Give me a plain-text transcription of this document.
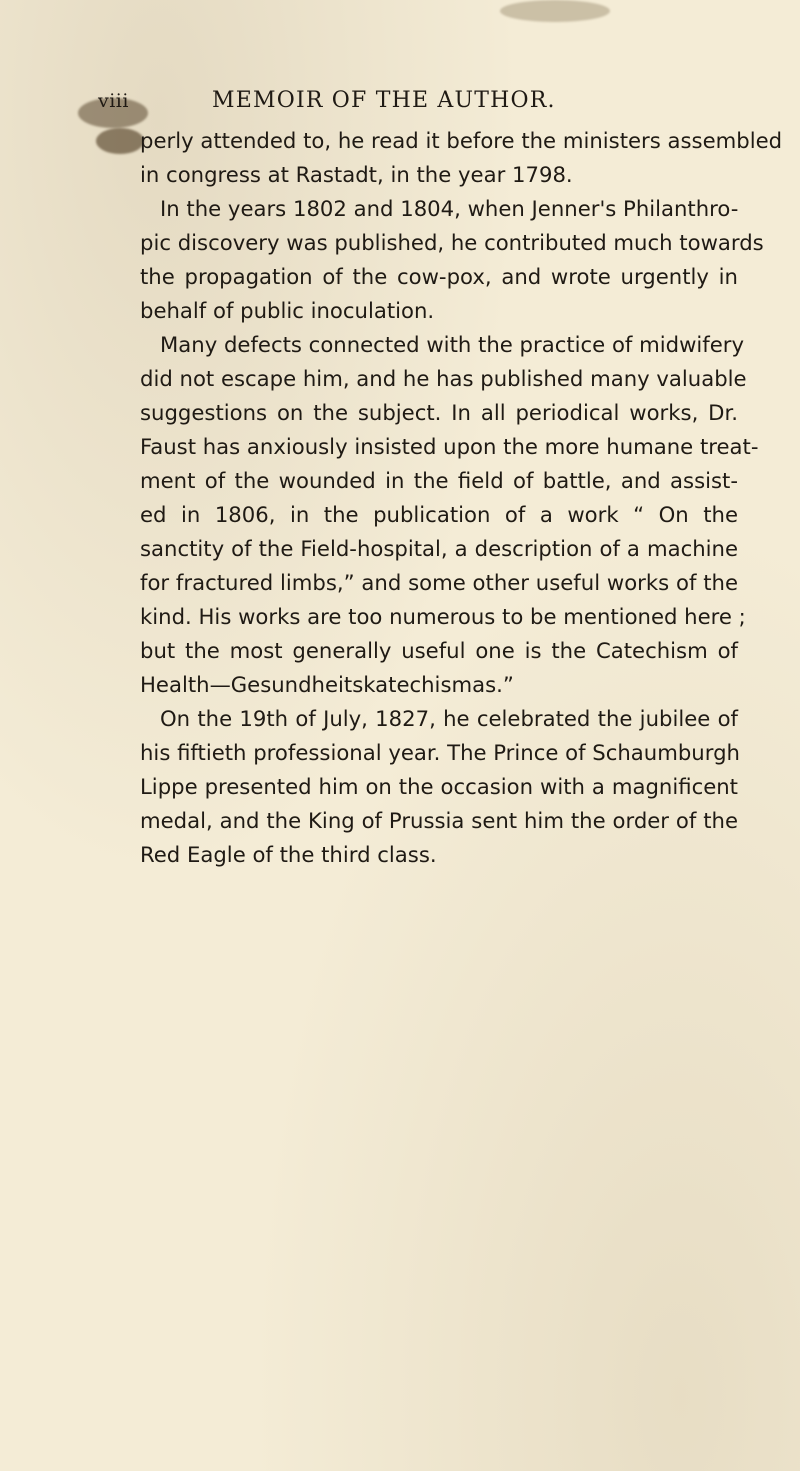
viii	MEMOIR OF THE AUTHOR.
perly attended to, he read it before the ministers assembled
in congress at Rastadt, in the year 1798.
In the years 1802 and 1804, when Jenner's Philanthro-
pic discovery was published, he contributed much towards
the propagation of the cow-pox, and wrote urgently in
behalf of public inoculation.
Many defects connected with the practice of midwifery
did not escape him, and he has published many valuable
suggestions on the subject. In all periodical works, Dr.
Faust has anxiously insisted upon the more humane treat-
ment of the wounded in the field of battle, and assist-
ed in 1806, in the publication of a work “ On the
sanctity of the Field-hospital, a description of a machine
for fractured limbs,” and some other useful works of the
kind. His works are too numerous to be mentioned here ;
but the most generally useful one is the Catechism of
Health—Gesundheitskatechismas.”
On the 19th of July, 1827, he celebrated the jubilee of
his fiftieth professional year. The Prince of Schaumburgh
Lippe presented him on the occasion with a magnificent
medal, and the King of Prussia sent him the order of the
Red Eagle of the third class.
